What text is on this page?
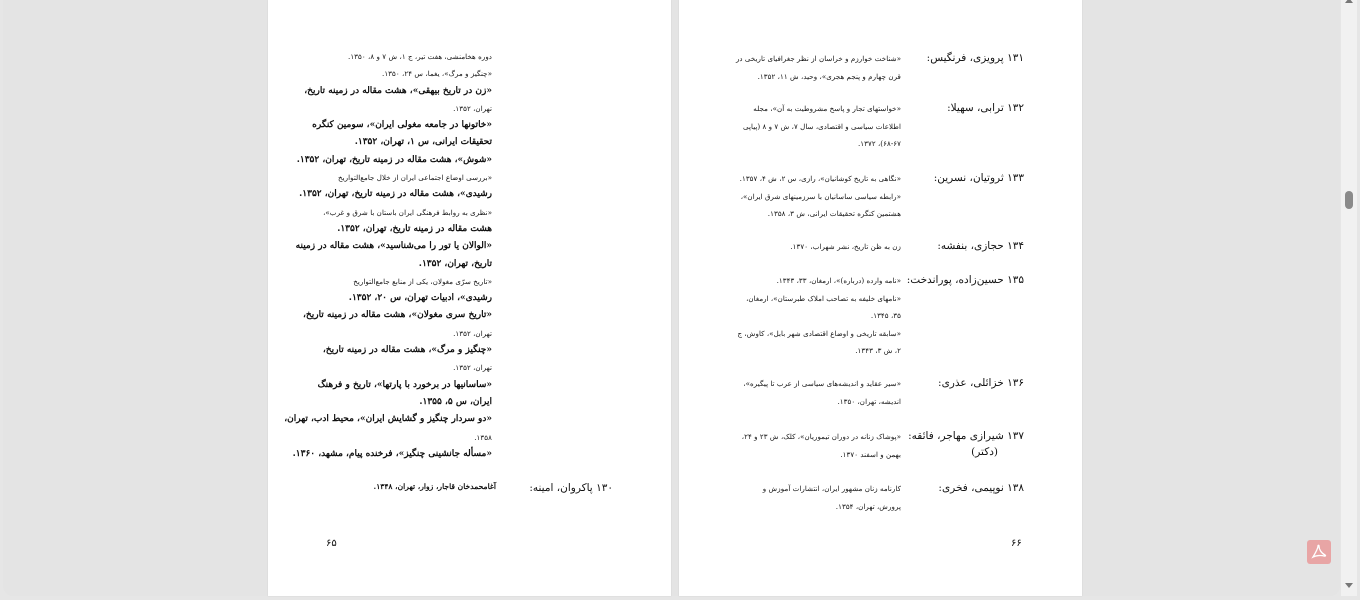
دوره هخامنشی، هفت تیر، ج ۱، ش ۷ و ۸، ۱۳۵۰.
«چنگیز و مرگ»، یغما، س ۲۴، ۱۳۵۰.
«زن در تاریخ بیهقی»، هشت مقاله در زمینه تاریخ،
تهران، ۱۳۵۲.
«خاتونها در جامعه مغولی ایران»، سومین کنگره
تحقیقات ایرانی، س ۱، تهران، ۱۳۵۲.
«شوش»، هشت مقاله در زمینه تاریخ، تهران، ۱۳۵۲.
«بررسی اوضاع اجتماعی ایران از خلال جامع‌التواریخ
رشیدی»، هشت مقاله در زمینه تاریخ، تهران، ۱۳۵۲.
«نظری به روابط فرهنگی ایران باستان با شرق و غرب»،
هشت مقاله در زمینه تاریخ، تهران، ۱۳۵۲.
«الوالان یا تور را می‌شناسید»، هشت مقاله در زمینه
تاریخ، تهران، ۱۳۵۲.
«تاریخ سرّی مغولان، یکی از منابع جامع‌التواریخ
رشیدی»، ادبیات تهران، س ۲۰، ۱۳۵۲.
«تاریخ سری مغولان»، هشت مقاله در زمینه تاریخ،
تهران، ۱۳۵۲.
«چنگیز و مرگ»، هشت مقاله در زمینه تاریخ،
تهران، ۱۳۵۲.
«ساسانیها در برخورد با پارتها»، تاریخ و فرهنگ
ایران، س ۵، ۱۳۵۵.
«دو سردار چنگیز و گشایش ایران»، محیط ادب، تهران،
۱۳۵۸.
«مسأله جانشینی چنگیز»، فرخنده پیام، مشهد، ۱۳۶۰.
۱۳۰ پاکروان، امینه:
آغامحمدخان قاجار، زوار، تهران، ۱۳۴۸.
۶۵
۱۳۱ پرویزی، فرنگیس:
«شناخت خوارزم و خراسان از نظر جغرافیای تاریخی در
قرن چهارم و پنجم هجری»، وحید، ش ۱۱، ۱۳۵۲.
۱۳۲ ترابی، سهیلا:
«خواستهای تجار و پاسخ مشروطیت به آن»، مجله
اطلاعات سیاسی و اقتصادی، سال ۷، ش ۷ و ۸ (پیاپی
۶۸-۶۷)، ۱۳۷۲.
۱۳۳ ثروتیان، نسرین:
«نگاهی به تاریخ کوشانیان»، رازی، س ۲، ش ۴، ۱۳۵۷.
«رابطه سیاسی ساسانیان با سرزمینهای شرق ایران»،
هشتمین کنگره تحقیقات ایرانی، ش ۳، ۱۳۵۸.
۱۳۴ حجازی، بنفشه:
زن به ظن تاریخ، نشر شهراب، ۱۳۷۰.
۱۳۵ حسین‌زاده، پوراندخت:
«نامه وارده (درباره)»، ارمغان، ۳۳، ۱۳۴۳.
«نامهای خلیفه به تصاحب املاک طبرستان»، ارمغان،
۳۵، ۱۳۴۵.
«سابقه تاریخی و اوضاع اقتصادی شهر بابل»، کاوش، ج
۲، ش ۳، ۱۳۴۳.
۱۳۶ خزائلی، عذری:
«سیر عقاید و اندیشه‌های سیاسی از عرب تا پیگیره»،
اندیشه، تهران، ۱۳۵۰.
۱۳۷ شیرازی مهاجر، فائقه:
(دکتر)
«پوشاک زنانه در دوران تیموریان»، کلک، ش ۲۳ و ۲۴،
بهمن و اسفند ۱۳۷۰.
۱۳۸ نوپیمی، فخری:
کارنامه زنان مشهور ایران، انتشارات آموزش و
پرورش، تهران، ۱۳۵۴.
۶۶
